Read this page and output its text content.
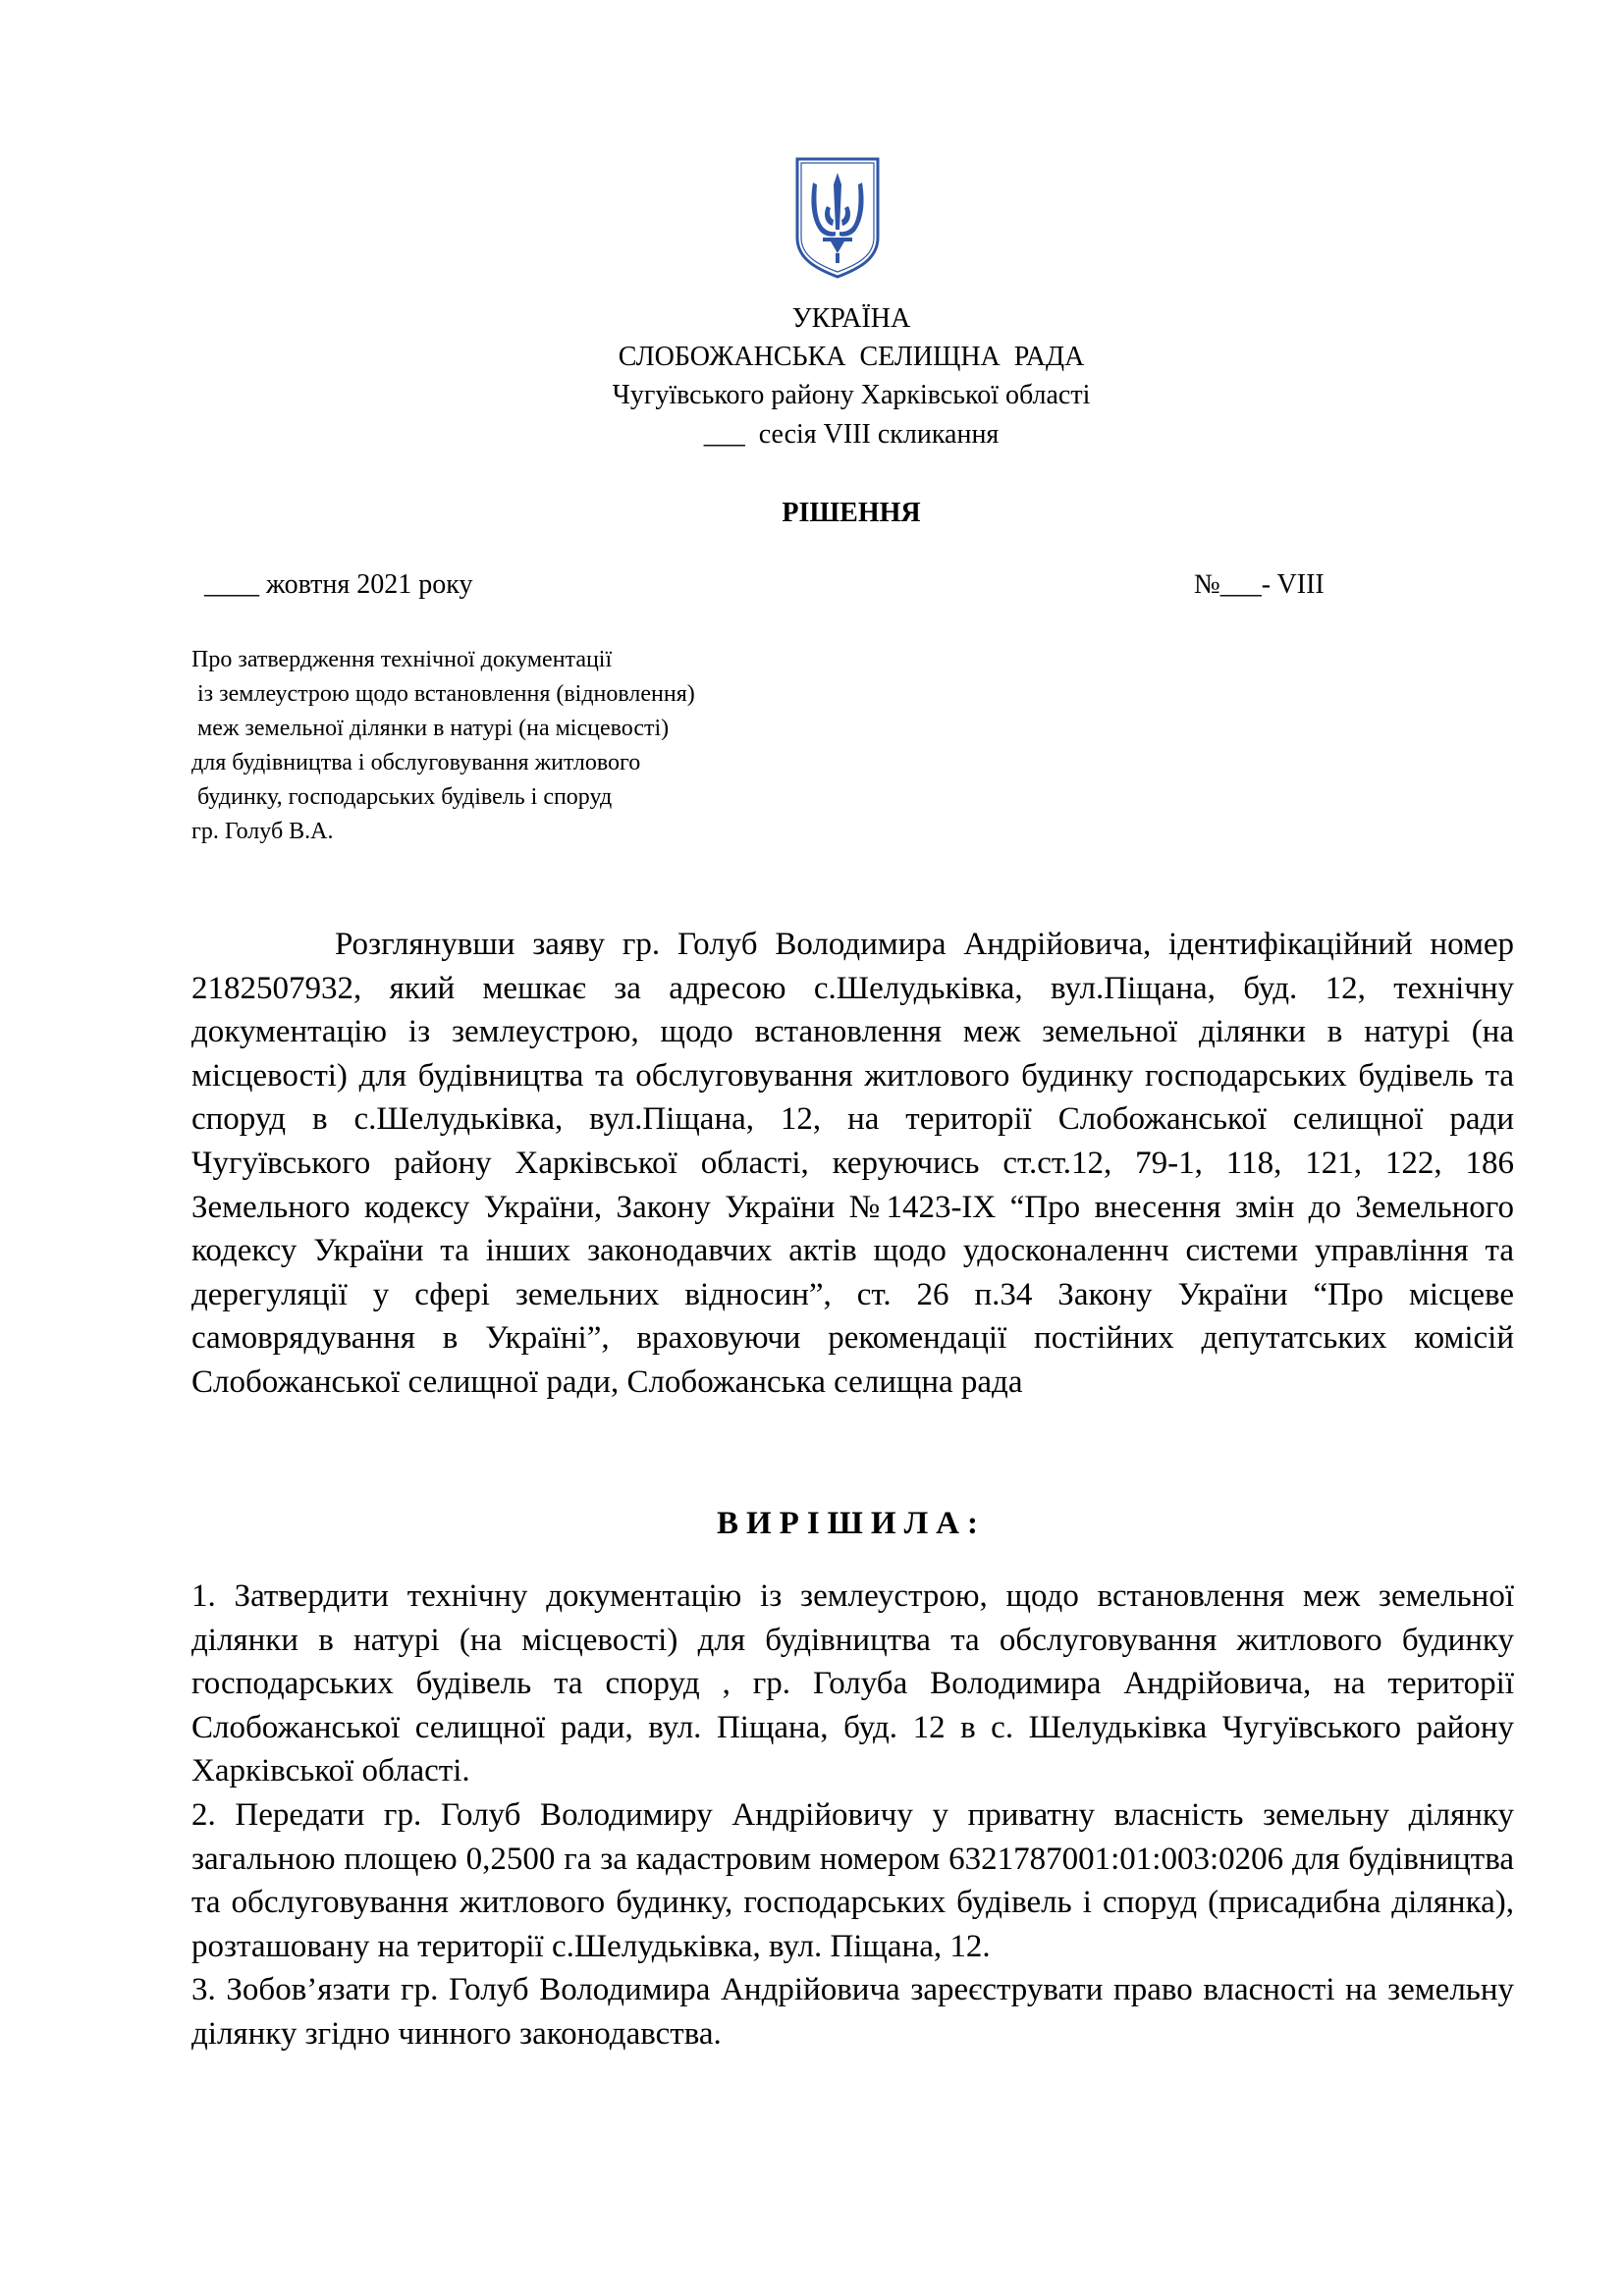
УКРАЇНА
СЛОБОЖАНСЬКА  СЕЛИЩНА  РАДА
Чугуївського району Харківської області
___  сесія VIII скликання
РІШЕННЯ
____ жовтня 2021 року	№___- VIII
Про затвердження технічної документації
із землеустрою щодо встановлення (відновлення)
меж земельної ділянки в натурі (на місцевості)
для будівництва і обслуговування житлового
будинку, господарських будівель і споруд
гр. Голуб В.А.
Розглянувши заяву гр. Голуб Володимира Андрійовича, ідентифікаційний номер 2182507932, який мешкає за адресою с.Шелудьківка, вул.Піщана, буд. 12, технічну документацію із землеустрою, щодо встановлення меж земельної ділянки в натурі (на місцевості) для будівництва та обслуговування житлового будинку господарських будівель та споруд в с.Шелудьківка, вул.Піщана, 12, на території Слобожанської селищної ради Чугуївського району Харківської області, керуючись ст.ст.12, 79-1, 118, 121, 122, 186 Земельного кодексу України, Закону України №1423-IX “Про внесення змін до Земельного кодексу України та інших законодавчих актів щодо удосконаленнч системи управління та дерегуляції у сфері земельних відносин”, ст. 26 п.34 Закону України “Про місцеве самоврядування в Україні”, враховуючи рекомендації постійних депутатських комісій Слобожанської селищної ради, Слобожанська селищна рада
ВИРІШИЛА:
1. Затвердити технічну документацію із землеустрою, щодо встановлення меж земельної ділянки в натурі (на місцевості) для будівництва та обслуговування житлового будинку господарських будівель та споруд , гр. Голуба Володимира Андрійовича, на території Слобожанської селищної ради, вул. Піщана, буд. 12 в с. Шелудьківка Чугуївського району Харківської області.
2. Передати гр. Голуб Володимиру Андрійовичу у приватну власність земельну ділянку загальною площею 0,2500 га за кадастровим номером 6321787001:01:003:0206 для будівництва та обслуговування житлового будинку, господарських будівель і споруд (присадибна ділянка), розташовану на території с.Шелудьківка, вул. Піщана, 12.
3. Зобов’язати гр. Голуб Володимира Андрійовича зареєструвати право власності на земельну ділянку згідно чинного законодавства.
